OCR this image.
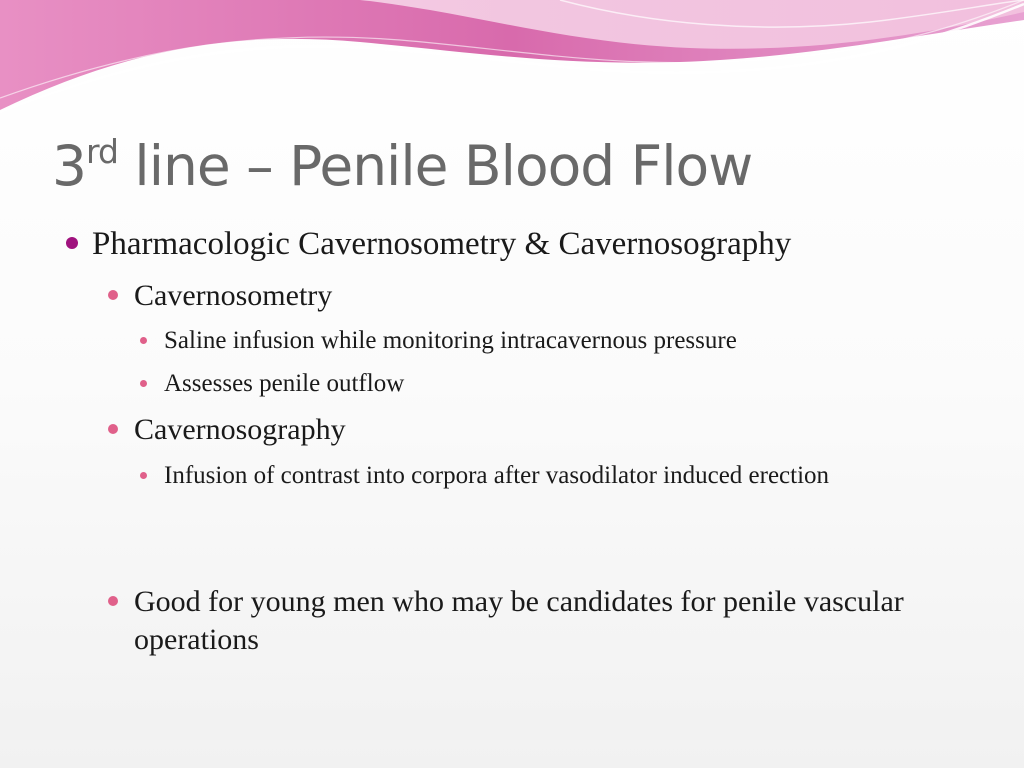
3rd line – Penile Blood Flow
Pharmacologic Cavernosometry & Cavernosography
Cavernosometry
Saline infusion while monitoring intracavernous pressure
Assesses penile outflow
Cavernosography
Infusion of contrast into corpora after vasodilator induced erection
Good for young men who may be candidates for penile vascular operations
